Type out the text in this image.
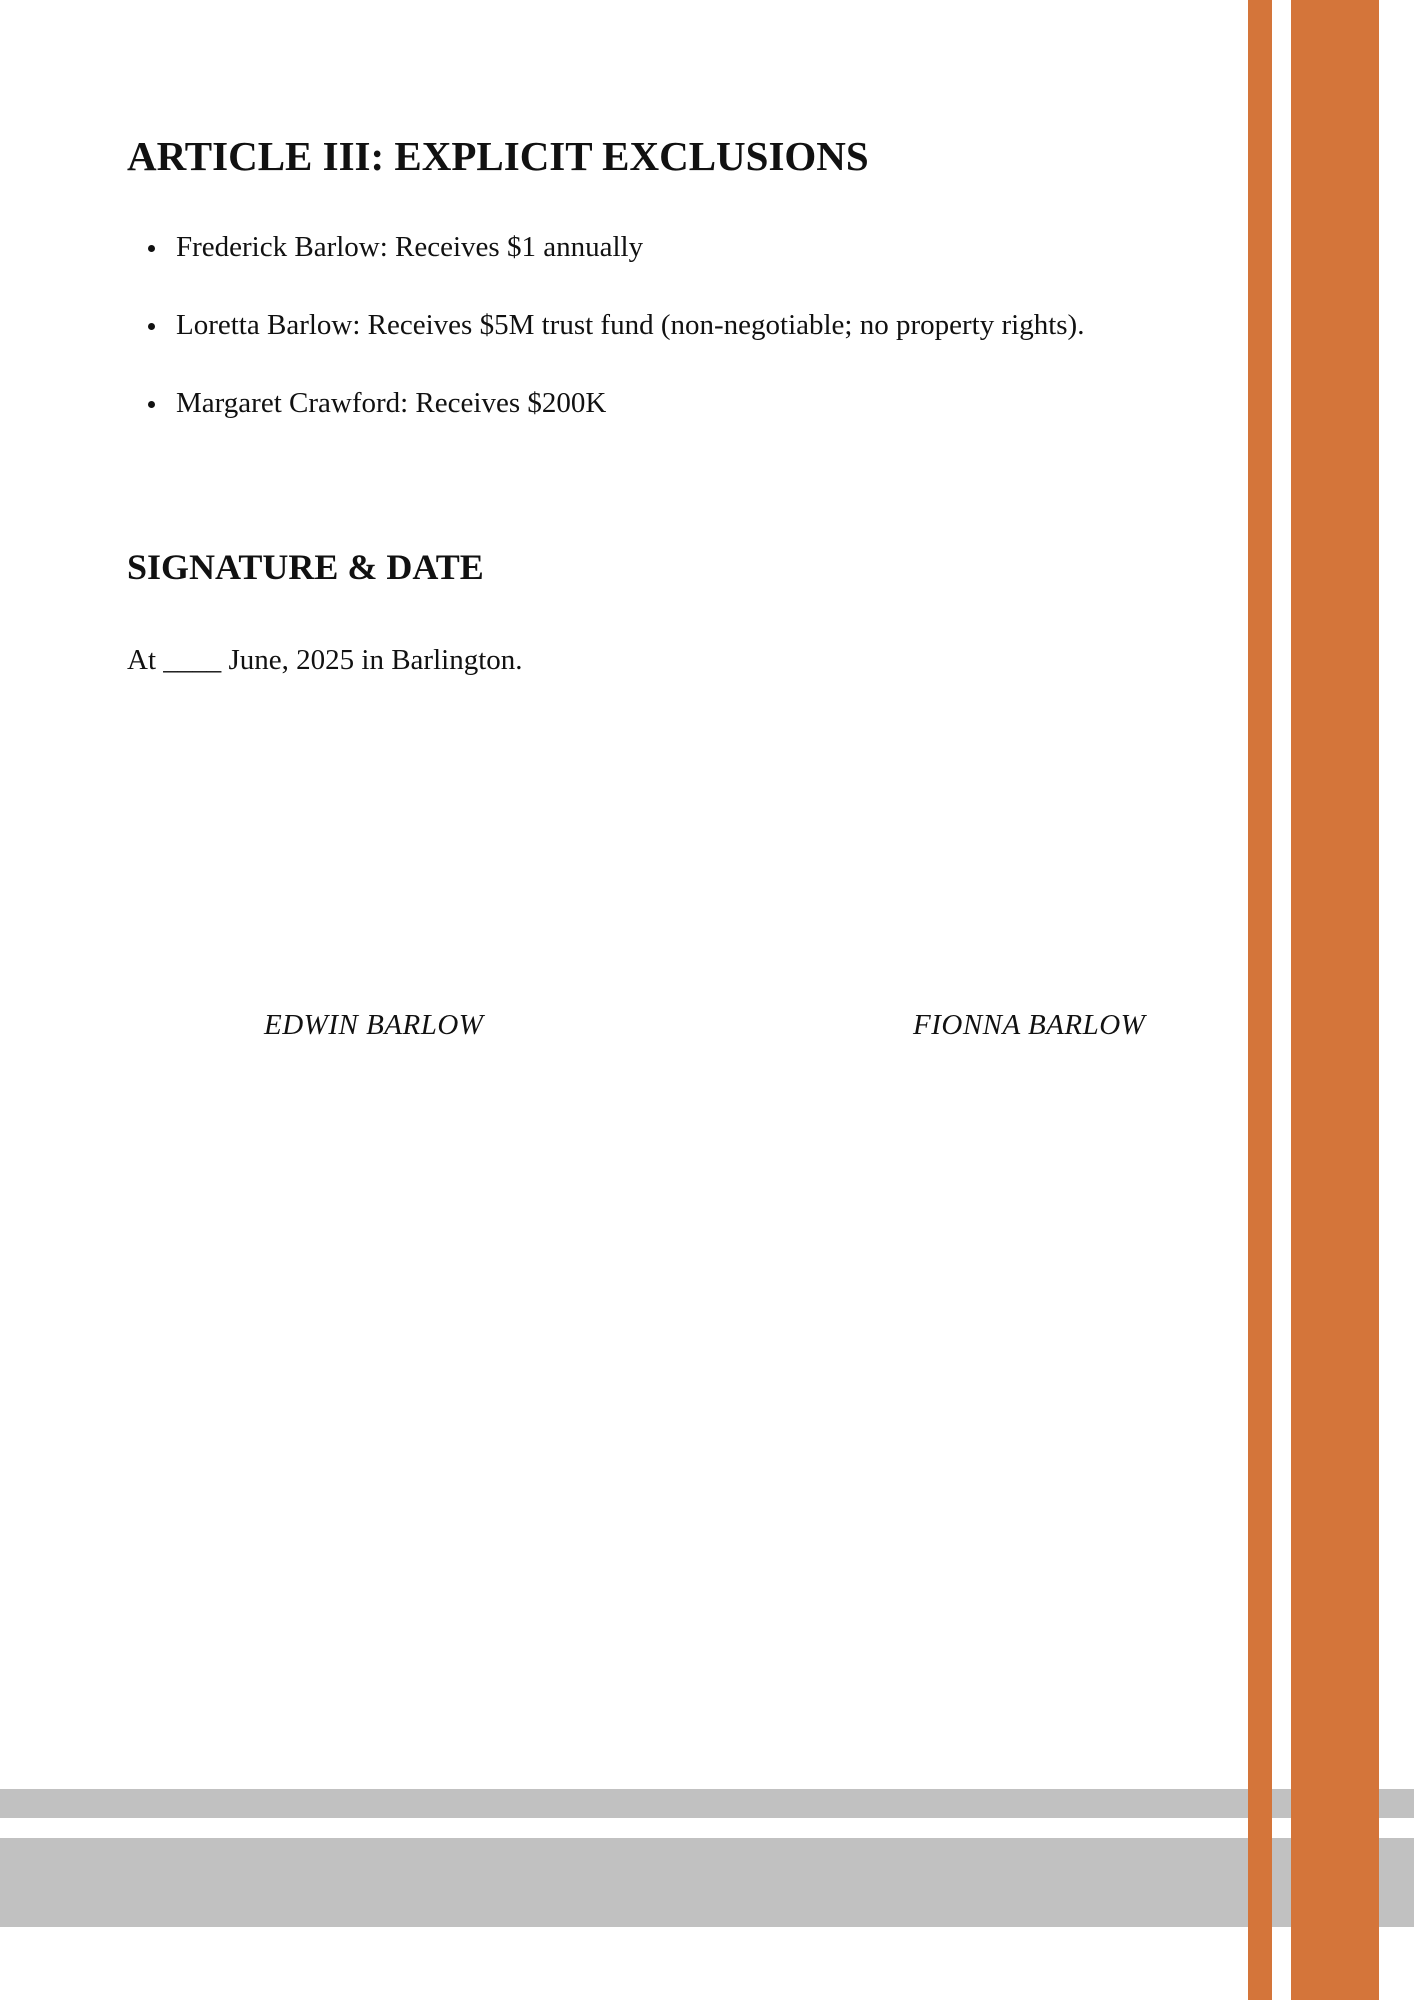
ARTICLE III: EXPLICIT EXCLUSIONS
Frederick Barlow: Receives $1 annually
Loretta Barlow: Receives $5M trust fund (non-negotiable; no property rights).
Margaret Crawford: Receives $200K
SIGNATURE & DATE

At ____ June, 2025 in Barlington.

EDWIN BARLOW	FIONNA BARLOW
